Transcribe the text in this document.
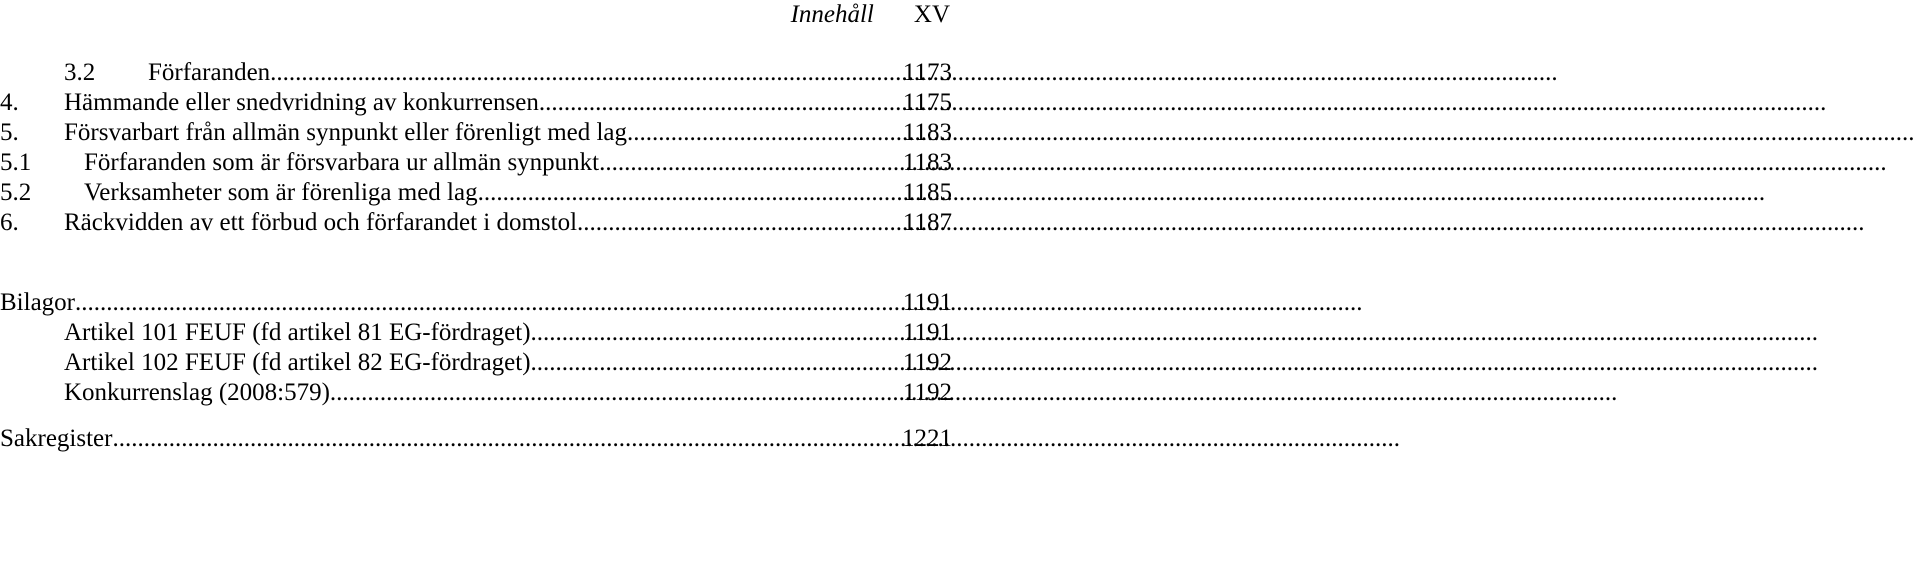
Innehåll XV
3.2	Förfaranden .....	1173
4.	Hämmande eller snedvridning av konkurrensen .....	1175
5.	Försvarbart från allmän synpunkt eller förenligt med lag .....	1183
5.1	Förfaranden som är försvarbara ur allmän synpunkt .....	1183
5.2	Verksamheter som är förenliga med lag .....	1185
6.	Räckvidden av ett förbud och förfarandet i domstol .....	1187
Bilagor .....	1191
Artikel 101 FEUF (fd artikel 81 EG-fördraget) .....	1191
Artikel 102 FEUF (fd artikel 82 EG-fördraget) .....	1192
Konkurrenslag (2008:579) .....	1192
Sakregister .....	1221
